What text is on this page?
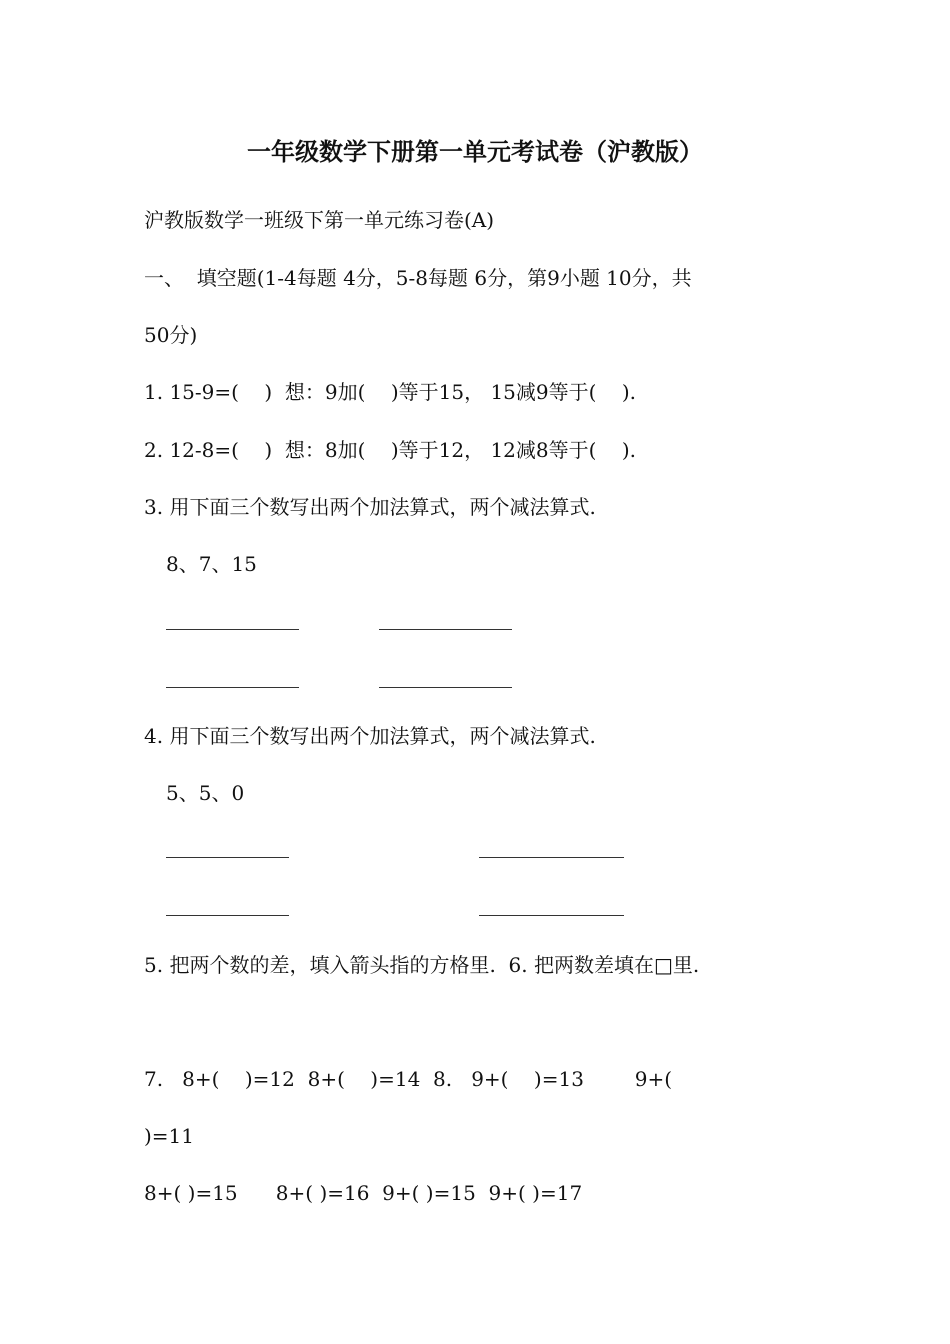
一年级数学下册第一单元考试卷（沪教版）
沪教版数学一班级下第一单元练习卷(A)
一、  填空题(1-4每题 4分，5-8每题 6分，第9小题 10分，共
50分)
1. 15-9=(    )  想：9加(    )等于15， 15减9等于(    ).
2. 12-8=(    )  想：8加(    )等于12， 12减8等于(    ).
3. 用下面三个数写出两个加法算式，两个减法算式.
8、7、15
4. 用下面三个数写出两个加法算式，两个减法算式.
5、5、0
5. 把两个数的差，填入箭头指的方格里.  6. 把两数差填在□里.
7.   8+(    )=12  8+(    )=14  8.   9+(    )=13        9+(
)=11
8+( )=15      8+( )=16  9+( )=15  9+( )=17
